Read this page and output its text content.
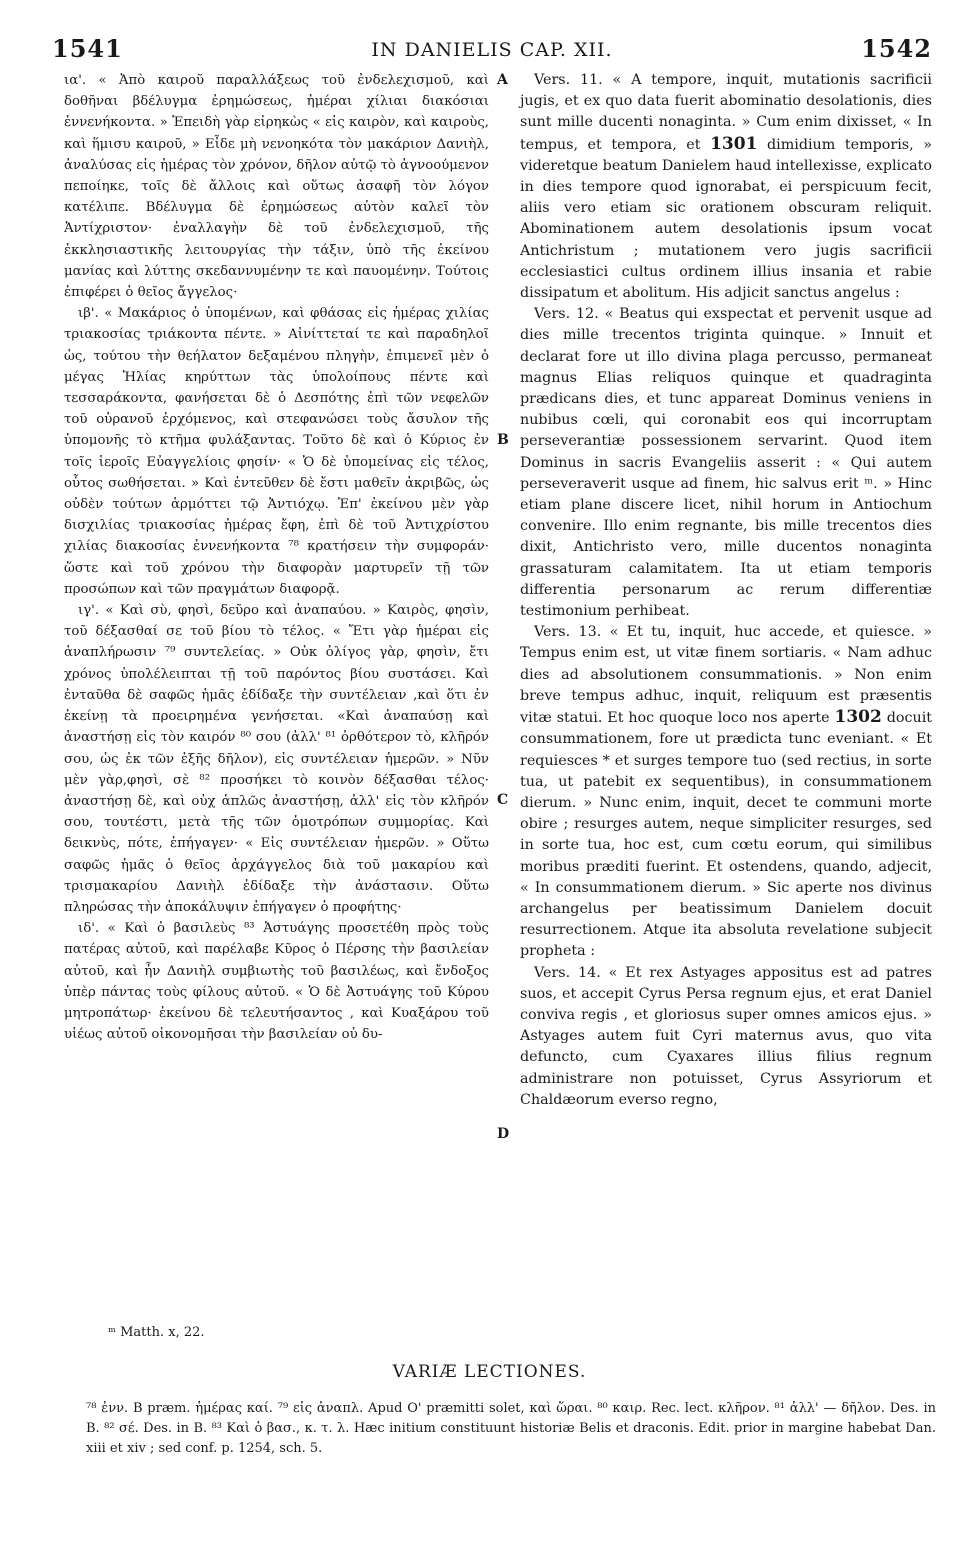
1541	IN DANIELIS CAP. XII.	1542
A
B
C
D

ια'. « Ἀπὸ καιροῦ παραλλάξεως τοῦ ἐνδελεχισμοῦ, καὶ δοθῆναι βδέλυγμα ἐρημώσεως, ἡμέραι χίλιαι διακόσιαι ἐννενήκοντα. » Ἐπειδὴ γὰρ εἰρηκὼς « εἰς καιρὸν, καὶ καιροὺς, καὶ ἥμισυ καιροῦ, » Εἶδε μὴ νενοηκότα τὸν μακάριον Δανιὴλ, ἀναλύσας εἰς ἡμέρας τὸν χρόνον, δῆλον αὐτῷ τὸ ἀγνοούμενον πεποίηκε, τοῖς δὲ ἄλλοις καὶ οὕτως ἀσαφῆ τὸν λόγον κατέλιπε. Βδέλυγμα δὲ ἐρημώσεως αὐτὸν καλεῖ τὸν Ἀντίχριστον· ἐναλλαγὴν δὲ τοῦ ἐνδελεχισμοῦ, τῆς ἐκκλησιαστικῆς λειτουργίας τὴν τάξιν, ὑπὸ τῆς ἐκείνου μανίας καὶ λύττης σκεδαννυμένην τε καὶ παυομένην. Τούτοις ἐπιφέρει ὁ θεῖος ἄγγελος·

ιβ'. « Μακάριος ὁ ὑπομένων, καὶ φθάσας εἰς ἡμέρας χιλίας τριακοσίας τριάκοντα πέντε. » Αἰνίττεταί τε καὶ παραδηλοῖ ὡς, τούτου τὴν θεήλατον δεξαμένου πληγὴν, ἐπιμενεῖ μὲν ὁ μέγας Ἠλίας κηρύττων τὰς ὑπολοίπους πέντε καὶ τεσσαράκοντα, φανήσεται δὲ ὁ Δεσπότης ἐπὶ τῶν νεφελῶν τοῦ οὐρανοῦ ἐρχόμενος, καὶ στεφανώσει τοὺς ἄσυλον τῆς ὑπομονῆς τὸ κτῆμα φυλάξαντας. Τοῦτο δὲ καὶ ὁ Κύριος ἐν τοῖς ἱεροῖς Εὐαγγελίοις φησίν· « Ὁ δὲ ὑπομείνας εἰς τέλος, οὗτος σωθήσεται. » Καὶ ἐντεῦθεν δὲ ἔστι μαθεῖν ἀκριβῶς, ὡς οὐδὲν τούτων ἁρμόττει τῷ Ἀντιόχῳ. Ἐπ' ἐκείνου μὲν γὰρ δισχιλίας τριακοσίας ἡμέρας ἔφη, ἐπὶ δὲ τοῦ Ἀντιχρίστου χιλίας διακοσίας ἐννενήκοντα ⁷⁸ κρατήσειν τὴν συμφοράν· ὥστε καὶ τοῦ χρόνου τὴν διαφορὰν μαρτυρεῖν τῇ τῶν προσώπων καὶ τῶν πραγμάτων διαφορᾷ.

ιγ'. « Καὶ σὺ, φησὶ, δεῦρο καὶ ἀναπαύου. » Καιρὸς, φησὶν, τοῦ δέξασθαί σε τοῦ βίου τὸ τέλος. « Ἔτι γὰρ ἡμέραι εἰς ἀναπλήρωσιν ⁷⁹ συντελείας. » Οὐκ ὀλίγος γὰρ, φησὶν, ἔτι χρόνος ὑπολέλειπται τῇ τοῦ παρόντος βίου συστάσει. Καὶ ἐνταῦθα δὲ σαφῶς ἡμᾶς ἐδίδαξε τὴν συντέλειαν ,καὶ ὅτι ἐν ἐκείνῃ τὰ προειρημένα γενήσεται. «Καὶ ἀναπαύσῃ καὶ ἀναστήσῃ εἰς τὸν καιρόν ⁸⁰ σου (ἀλλ' ⁸¹ ὀρθότερον τὸ, κλῆρόν σου, ὡς ἐκ τῶν ἑξῆς δῆλον), εἰς συντέλειαν ἡμερῶν. » Νῦν μὲν γὰρ,φησὶ, σὲ ⁸² προσήκει τὸ κοινὸν δέξασθαι τέλος· ἀναστήσῃ δὲ, καὶ οὐχ ἁπλῶς ἀναστήσῃ, ἀλλ' εἰς τὸν κλῆρόν σου, τουτέστι, μετὰ τῆς τῶν ὁμοτρόπων συμμορίας. Καὶ δεικνὺς, πότε, ἐπήγαγεν· « Εἰς συντέλειαν ἡμερῶν. » Οὕτω σαφῶς ἡμᾶς ὁ θεῖος ἀρχάγγελος διὰ τοῦ μακαρίου καὶ τρισμακαρίου Δανιὴλ ἐδίδαξε τὴν ἀνάστασιν. Οὕτω πληρώσας τὴν ἀποκάλυψιν ἐπήγαγεν ὁ προφήτης·

ιδ'. « Καὶ ὁ βασιλεὺς ⁸³ Ἀστυάγης προσετέθη πρὸς τοὺς πατέρας αὐτοῦ, καὶ παρέλαβε Κῦρος ὁ Πέρσης τὴν βασιλείαν αὐτοῦ, καὶ ἦν Δανιὴλ συμβιωτὴς τοῦ βασιλέως, καὶ ἔνδοξος ὑπὲρ πάντας τοὺς φίλους αὐτοῦ. « Ὁ δὲ Ἀστυάγης τοῦ Κύρου μητροπάτωρ· ἐκείνου δὲ τελευτήσαντος , καὶ Κυαξάρου τοῦ υἱέως αὐτοῦ οἰκονομῆσαι τὴν βασιλείαν οὐ δυ-

Vers. 11. « A tempore, inquit, mutationis sacrificii jugis, et ex quo data fuerit abominatio desolationis, dies sunt mille ducenti nonaginta. » Cum enim dixisset, « In tempus, et tempora, et 1301 dimidium temporis, » videretque beatum Danielem haud intellexisse, explicato in dies tempore quod ignorabat, ei perspicuum fecit, aliis vero etiam sic orationem obscuram reliquit. Abominationem autem desolationis ipsum vocat Antichristum ; mutationem vero jugis sacrificii ecclesiastici cultus ordinem illius insania et rabie dissipatum et abolitum. His adjicit sanctus angelus :

Vers. 12. « Beatus qui exspectat et pervenit usque ad dies mille trecentos triginta quinque. » Innuit et declarat fore ut illo divina plaga percusso, permaneat magnus Elias reliquos quinque et quadraginta prædicans dies, et tunc appareat Dominus veniens in nubibus cœli, qui coronabit eos qui incorruptam perseverantiæ possessionem servarint. Quod item Dominus in sacris Evangeliis asserit : « Qui autem perseveraverit usque ad finem, hic salvus erit ᵐ. » Hinc etiam plane discere licet, nihil horum in Antiochum convenire. Illo enim regnante, bis mille trecentos dies dixit, Antichristo vero, mille ducentos nonaginta grassaturam calamitatem. Ita ut etiam temporis differentia personarum ac rerum differentiæ testimonium perhibeat.

Vers. 13. « Et tu, inquit, huc accede, et quiesce. » Tempus enim est, ut vitæ finem sortiaris. « Nam adhuc dies ad absolutionem consummationis. » Non enim breve tempus adhuc, inquit, reliquum est præsentis vitæ statui. Et hoc quoque loco nos aperte 1302 docuit consummationem, fore ut prædicta tunc eveniant. « Et requiesces * et surges tempore tuo (sed rectius, in sorte tua, ut patebit ex sequentibus), in consummationem dierum. » Nunc enim, inquit, decet te communi morte obire ; resurges autem, neque simpliciter resurges, sed in sorte tua, hoc est, cum cœtu eorum, qui similibus moribus præditi fuerint. Et ostendens, quando, adjecit, « In consummationem dierum. » Sic aperte nos divinus archangelus per beatissimum Danielem docuit resurrectionem. Atque ita absoluta revelatione subjecit propheta :

Vers. 14. « Et rex Astyages appositus est ad patres suos, et accepit Cyrus Persa regnum ejus, et erat Daniel conviva regis , et gloriosus super omnes amicos ejus. » Astyages autem fuit Cyri maternus avus, quo vita defuncto, cum Cyaxares illius filius regnum administrare non potuisset, Cyrus Assyriorum et Chaldæorum everso regno,

ᵐ Matth. x, 22.
VARIÆ LECTIONES.
⁷⁸ ἐνν. B præm. ἡμέρας καί. ⁷⁹ εἰς ἀναπλ. Apud O' præmitti solet, καὶ ὥραι. ⁸⁰ καιρ. Rec. lect. κλῆρον. ⁸¹ ἀλλ' — δῆλον. Des. in B. ⁸² σέ. Des. in B. ⁸³ Καὶ ὁ βασ., κ. τ. λ. Hæc initium constituunt historiæ Belis et draconis. Edit. prior in margine habebat Dan. xiii et xiv ; sed conf. p. 1254, sch. 5.
